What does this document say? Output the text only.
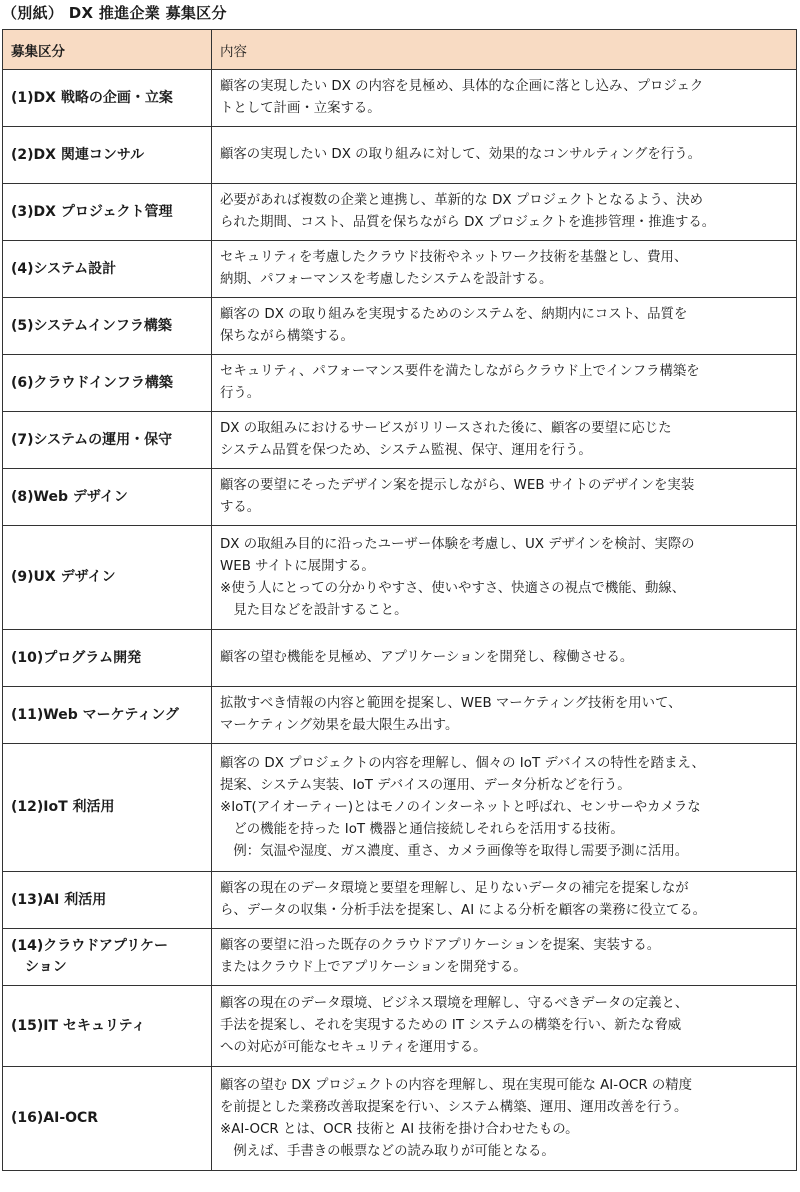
（別紙） DX 推進企業 募集区分
募集区分	内容
(1)DX 戦略の企画・立案	顧客の実現したい DX の内容を見極め、具体的な企画に落とし込み、プロジェク
トとして計画・立案する。
(2)DX 関連コンサル	顧客の実現したい DX の取り組みに対して、効果的なコンサルティングを行う。
(3)DX プロジェクト管理	必要があれば複数の企業と連携し、革新的な DX プロジェクトとなるよう、決め
られた期間、コスト、品質を保ちながら DX プロジェクトを進捗管理・推進する。
(4)システム設計	セキュリティを考慮したクラウド技術やネットワーク技術を基盤とし、費用、
納期、パフォーマンスを考慮したシステムを設計する。
(5)システムインフラ構築	顧客の DX の取り組みを実現するためのシステムを、納期内にコスト、品質を
保ちながら構築する。
(6)クラウドインフラ構築	セキュリティ、パフォーマンス要件を満たしながらクラウド上でインフラ構築を
行う。
(7)システムの運用・保守	DX の取組みにおけるサービスがリリースされた後に、顧客の要望に応じた
システム品質を保つため、システム監視、保守、運用を行う。
(8)Web デザイン	顧客の要望にそったデザイン案を提示しながら、WEB サイトのデザインを実装
する。
(9)UX デザイン	DX の取組み目的に沿ったユーザー体験を考慮し、UX デザインを検討、実際の
WEB サイトに展開する。
※使う人にとっての分かりやすさ、使いやすさ、快適さの視点で機能、動線、
　見た目などを設計すること。
(10)プログラム開発	顧客の望む機能を見極め、アプリケーションを開発し、稼働させる。
(11)Web マーケティング	拡散すべき情報の内容と範囲を提案し、WEB マーケティング技術を用いて、
マーケティング効果を最大限生み出す。
(12)IoT 利活用	顧客の DX プロジェクトの内容を理解し、個々の IoT デバイスの特性を踏まえ、
提案、システム実装、IoT デバイスの運用、データ分析などを行う。
※IoT(アイオーティー)とはモノのインターネットと呼ばれ、センサーやカメラな
　どの機能を持った IoT 機器と通信接続しそれらを活用する技術。
　例：気温や湿度、ガス濃度、重さ、カメラ画像等を取得し需要予測に活用。
(13)AI 利活用	顧客の現在のデータ環境と要望を理解し、足りないデータの補完を提案しなが
ら、データの収集・分析手法を提案し、AI による分析を顧客の業務に役立てる。
(14)クラウドアプリケー
　ション	顧客の要望に沿った既存のクラウドアプリケーションを提案、実装する。
またはクラウド上でアプリケーションを開発する。
(15)IT セキュリティ	顧客の現在のデータ環境、ビジネス環境を理解し、守るべきデータの定義と、
手法を提案し、それを実現するための IT システムの構築を行い、新たな脅威
への対応が可能なセキュリティを運用する。
(16)AI-OCR	顧客の望む DX プロジェクトの内容を理解し、現在実現可能な AI-OCR の精度
を前提とした業務改善取提案を行い、システム構築、運用、運用改善を行う。
※AI-OCR とは、OCR 技術と AI 技術を掛け合わせたもの。
　例えば、手書きの帳票などの読み取りが可能となる。
